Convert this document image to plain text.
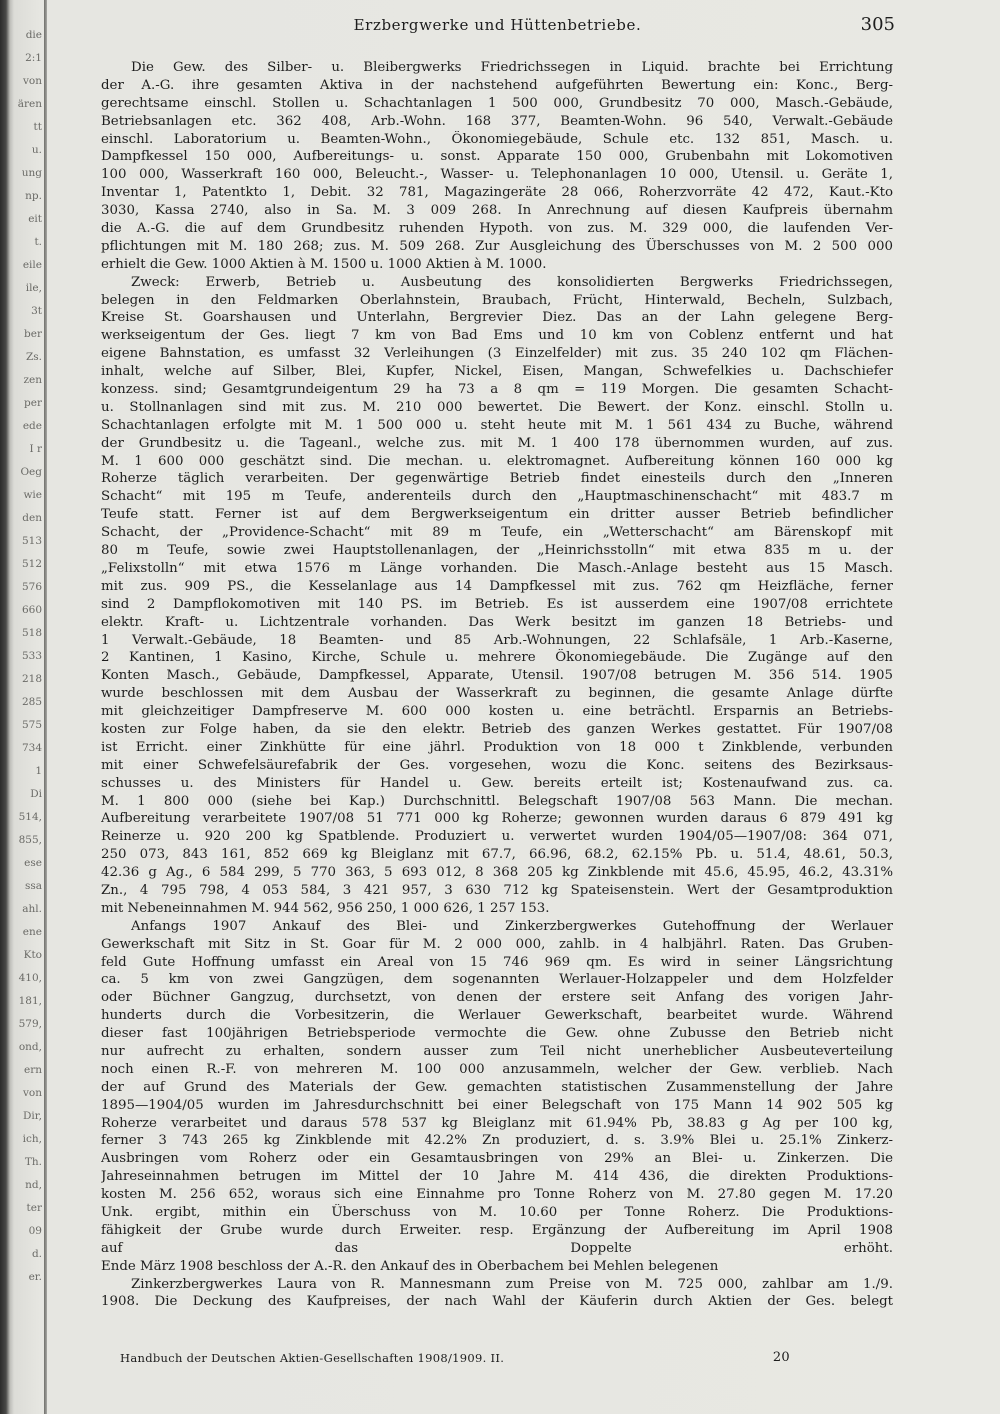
die
2:1
von
ären
tt
u.
ung
np.
eit
t.
eile
ile,
3t
ber
Zs.
zen
per
ede
I r
Oeg
wie
den
513
512
576
660
518
533
218
285
575
734
1
Di
514,
855,
ese
ssa
ahl.
ene
Kto
410,
181,
579,
ond,
ern
von
Dir,
ich,
Th.
nd,
ter
09
d.
er.
Erzbergwerke und Hüttenbetriebe.	305
Die Gew. des Silber- u. Bleibergwerks Friedrichssegen in Liquid. brachte bei Errichtung
der A.-G. ihre gesamten Aktiva in der nachstehend aufgeführten Bewertung ein: Konc., Berg-
gerechtsame einschl. Stollen u. Schachtanlagen 1 500 000, Grundbesitz 70 000, Masch.-Gebäude,
Betriebsanlagen etc. 362 408, Arb.-Wohn. 168 377, Beamten-Wohn. 96 540, Verwalt.-Gebäude
einschl. Laboratorium u. Beamten-Wohn., Ökonomiegebäude, Schule etc. 132 851, Masch. u.
Dampfkessel 150 000, Aufbereitungs- u. sonst. Apparate 150 000, Grubenbahn mit Lokomotiven
100 000, Wasserkraft 160 000, Beleucht.-, Wasser- u. Telephonanlagen 10 000, Utensil. u. Geräte 1,
Inventar 1, Patentkto 1, Debit. 32 781, Magazingeräte 28 066, Roherzvorräte 42 472, Kaut.-Kto
3030, Kassa 2740, also in Sa. M. 3 009 268. In Anrechnung auf diesen Kaufpreis übernahm
die A.-G. die auf dem Grundbesitz ruhenden Hypoth. von zus. M. 329 000, die laufenden Ver-
pflichtungen mit M. 180 268; zus. M. 509 268. Zur Ausgleichung des Überschusses von M. 2 500 000
erhielt die Gew. 1000 Aktien à M. 1500 u. 1000 Aktien à M. 1000.
Zweck: Erwerb, Betrieb u. Ausbeutung des konsolidierten Bergwerks Friedrichssegen,
belegen in den Feldmarken Oberlahnstein, Braubach, Frücht, Hinterwald, Becheln, Sulzbach,
Kreise St. Goarshausen und Unterlahn, Bergrevier Diez. Das an der Lahn gelegene Berg-
werkseigentum der Ges. liegt 7 km von Bad Ems und 10 km von Coblenz entfernt und hat
eigene Bahnstation, es umfasst 32 Verleihungen (3 Einzelfelder) mit zus. 35 240 102 qm Flächen-
inhalt, welche auf Silber, Blei, Kupfer, Nickel, Eisen, Mangan, Schwefelkies u. Dachschiefer
konzess. sind; Gesamtgrundeigentum 29 ha 73 a 8 qm = 119 Morgen. Die gesamten Schacht-
u. Stollnanlagen sind mit zus. M. 210 000 bewertet. Die Bewert. der Konz. einschl. Stolln u.
Schachtanlagen erfolgte mit M. 1 500 000 u. steht heute mit M. 1 561 434 zu Buche, während
der Grundbesitz u. die Tageanl., welche zus. mit M. 1 400 178 übernommen wurden, auf zus.
M. 1 600 000 geschätzt sind. Die mechan. u. elektromagnet. Aufbereitung können 160 000 kg
Roherze täglich verarbeiten. Der gegenwärtige Betrieb findet einesteils durch den „Inneren
Schacht“ mit 195 m Teufe, anderenteils durch den „Hauptmaschinenschacht“ mit 483.7 m
Teufe statt. Ferner ist auf dem Bergwerkseigentum ein dritter ausser Betrieb befindlicher
Schacht, der „Providence-Schacht“ mit 89 m Teufe, ein „Wetterschacht“ am Bärenskopf mit
80 m Teufe, sowie zwei Hauptstollenanlagen, der „Heinrichsstolln“ mit etwa 835 m u. der
„Felixstolln“ mit etwa 1576 m Länge vorhanden. Die Masch.-Anlage besteht aus 15 Masch.
mit zus. 909 PS., die Kesselanlage aus 14 Dampfkessel mit zus. 762 qm Heizfläche, ferner
sind 2 Dampflokomotiven mit 140 PS. im Betrieb. Es ist ausserdem eine 1907/08 errichtete
elektr. Kraft- u. Lichtzentrale vorhanden. Das Werk besitzt im ganzen 18 Betriebs- und
1 Verwalt.-Gebäude, 18 Beamten- und 85 Arb.-Wohnungen, 22 Schlafsäle, 1 Arb.-Kaserne,
2 Kantinen, 1 Kasino, Kirche, Schule u. mehrere Ökonomiegebäude. Die Zugänge auf den
Konten Masch., Gebäude, Dampfkessel, Apparate, Utensil. 1907/08 betrugen M. 356 514. 1905
wurde beschlossen mit dem Ausbau der Wasserkraft zu beginnen, die gesamte Anlage dürfte
mit gleichzeitiger Dampfreserve M. 600 000 kosten u. eine beträchtl. Ersparnis an Betriebs-
kosten zur Folge haben, da sie den elektr. Betrieb des ganzen Werkes gestattet. Für 1907/08
ist Erricht. einer Zinkhütte für eine jährl. Produktion von 18 000 t Zinkblende, verbunden
mit einer Schwefelsäurefabrik der Ges. vorgesehen, wozu die Konc. seitens des Bezirksaus-
schusses u. des Ministers für Handel u. Gew. bereits erteilt ist; Kostenaufwand zus. ca.
M. 1 800 000 (siehe bei Kap.) Durchschnittl. Belegschaft 1907/08 563 Mann. Die mechan.
Aufbereitung verarbeitete 1907/08 51 771 000 kg Roherze; gewonnen wurden daraus 6 879 491 kg
Reinerze u. 920 200 kg Spatblende. Produziert u. verwertet wurden 1904/05—1907/08: 364 071,
250 073, 843 161, 852 669 kg Bleiglanz mit 67.7, 66.96, 68.2, 62.15% Pb. u. 51.4, 48.61, 50.3,
42.36 g Ag., 6 584 299, 5 770 363, 5 693 012, 8 368 205 kg Zinkblende mit 45.6, 45.95, 46.2, 43.31%
Zn., 4 795 798, 4 053 584, 3 421 957, 3 630 712 kg Spateisenstein. Wert der Gesamtproduktion
mit Nebeneinnahmen M. 944 562, 956 250, 1 000 626, 1 257 153.
Anfangs 1907 Ankauf des Blei- und Zinkerzbergwerkes Gutehoffnung der Werlauer
Gewerkschaft mit Sitz in St. Goar für M. 2 000 000, zahlb. in 4 halbjährl. Raten. Das Gruben-
feld Gute Hoffnung umfasst ein Areal von 15 746 969 qm. Es wird in seiner Längsrichtung
ca. 5 km von zwei Gangzügen, dem sogenannten Werlauer-Holzappeler und dem Holzfelder
oder Büchner Gangzug, durchsetzt, von denen der erstere seit Anfang des vorigen Jahr-
hunderts durch die Vorbesitzerin, die Werlauer Gewerkschaft, bearbeitet wurde. Während
dieser fast 100jährigen Betriebsperiode vermochte die Gew. ohne Zubusse den Betrieb nicht
nur aufrecht zu erhalten, sondern ausser zum Teil nicht unerheblicher Ausbeuteverteilung
noch einen R.-F. von mehreren M. 100 000 anzusammeln, welcher der Gew. verblieb. Nach
der auf Grund des Materials der Gew. gemachten statistischen Zusammenstellung der Jahre
1895—1904/05 wurden im Jahresdurchschnitt bei einer Belegschaft von 175 Mann 14 902 505 kg
Roherze verarbeitet und daraus 578 537 kg Bleiglanz mit 61.94% Pb, 38.83 g Ag per 100 kg,
ferner 3 743 265 kg Zinkblende mit 42.2% Zn produziert, d. s. 3.9% Blei u. 25.1% Zinkerz-
Ausbringen vom Roherz oder ein Gesamtausbringen von 29% an Blei- u. Zinkerzen. Die
Jahreseinnahmen betrugen im Mittel der 10 Jahre M. 414 436, die direkten Produktions-
kosten M. 256 652, woraus sich eine Einnahme pro Tonne Roherz von M. 27.80 gegen M. 17.20
Unk. ergibt, mithin ein Überschuss von M. 10.60 per Tonne Roherz. Die Produktions-
fähigkeit der Grube wurde durch Erweiter. resp. Ergänzung der Aufbereitung im April 1908
auf das Doppelte erhöht.
Ende März 1908 beschloss der A.-R. den Ankauf des in Oberbachem bei Mehlen belegenen
Zinkerzbergwerkes Laura von R. Mannesmann zum Preise von M. 725 000, zahlbar am 1./9.
1908. Die Deckung des Kaufpreises, der nach Wahl der Käuferin durch Aktien der Ges. belegt
Handbuch der Deutschen Aktien-Gesellschaften 1908/1909. II.	20
